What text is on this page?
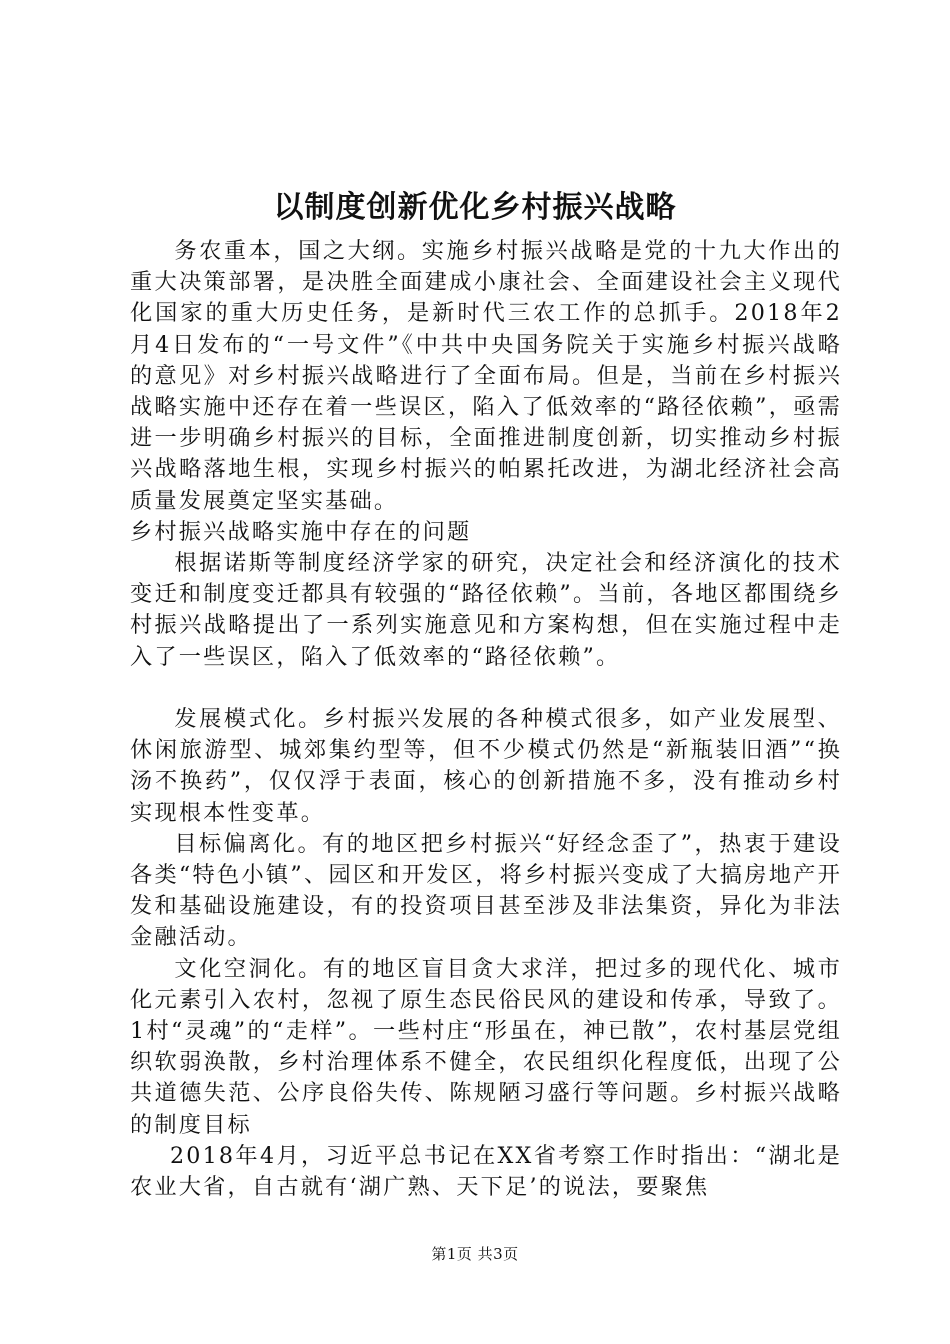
以制度创新优化乡村振兴战略

务农重本，国之大纲。实施乡村振兴战略是党的十九大作出的重大决策部署，是决胜全面建成小康社会、全面建设社会主义现代化国家的重大历史任务，是新时代三农工作的总抓手。2018年2月4日发布的“一号文件”《中共中央国务院关于实施乡村振兴战略的意见》对乡村振兴战略进行了全面布局。但是，当前在乡村振兴战略实施中还存在着一些误区，陷入了低效率的“路径依赖”，亟需进一步明确乡村振兴的目标，全面推进制度创新，切实推动乡村振兴战略落地生根，实现乡村振兴的帕累托改进，为湖北经济社会高质量发展奠定坚实基础。

乡村振兴战略实施中存在的问题

根据诺斯等制度经济学家的研究，决定社会和经济演化的技术变迁和制度变迁都具有较强的“路径依赖”。当前，各地区都围绕乡村振兴战略提出了一系列实施意见和方案构想，但在实施过程中走入了一些误区，陷入了低效率的“路径依赖”。

发展模式化。乡村振兴发展的各种模式很多，如产业发展型、休闲旅游型、城郊集约型等，但不少模式仍然是“新瓶装旧酒”“换汤不换药”，仅仅浮于表面，核心的创新措施不多，没有推动乡村实现根本性变革。

目标偏离化。有的地区把乡村振兴“好经念歪了”，热衷于建设各类“特色小镇”、园区和开发区，将乡村振兴变成了大搞房地产开发和基础设施建设，有的投资项目甚至涉及非法集资，异化为非法金融活动。

文化空洞化。有的地区盲目贪大求洋，把过多的现代化、城市化元素引入农村，忽视了原生态民俗民风的建设和传承，导致了。1村“灵魂”的“走样”。一些村庄“形虽在，神已散”，农村基层党组织软弱涣散，乡村治理体系不健全，农民组织化程度低，出现了公共道德失范、公序良俗失传、陈规陋习盛行等问题。乡村振兴战略的制度目标

2018年4月，习近平总书记在XX省考察工作时指出：“湖北是农业大省，自古就有‘湖广熟、天下足’的说法，要聚焦

第1页 共3页
